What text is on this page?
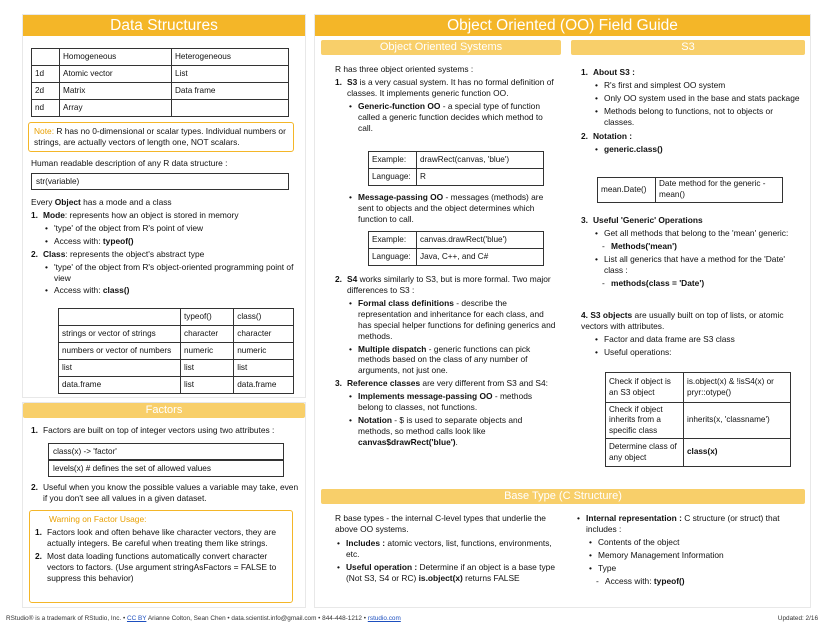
Data Structures
	Homogeneous	Heterogeneous
1d	Atomic vector	List
2d	Matrix	Data frame
nd	Array	
Note: R has no 0-dimensional or scalar types. Individual numbers or strings, are actually vectors of length one, NOT scalars.
Human readable description of any R data structure :
str(variable)
Every Object has a mode and a class
1. Mode: represents how an object is stored in memory
• 'type' of the object from R's point of view
• Access with: typeof()
2. Class: represents the object's abstract type
• 'type' of the object from R's object-oriented programming point of view
• Access with: class()
	typeof()	class()
strings or vector of strings	character	character
numbers or vector of numbers	numeric	numeric
list	list	list
data.frame	list	data.frame
Factors
1. Factors are built on top of integer vectors using two attributes :
class(x) -> 'factor'
levels(x) # defines the set of allowed values
2. Useful when you know the possible values a variable may take, even if you don't see all values in a given dataset.
Warning on Factor Usage:
1. Factors look and often behave like character vectors, they are actually integers. Be careful when treating them like strings.
2. Most data loading functions automatically convert character vectors to factors. (Use argument stringAsFactors = FALSE to suppress this behavior)
Object Oriented (OO) Field Guide
Object Oriented Systems
R has three object oriented systems :
1. S3 is a very casual system. It has no formal definition of classes. It implements generic function OO.
• Generic-function OO - a special type of function called a generic function decides which method to call.
Example:	drawRect(canvas, 'blue')
Language:	R
• Message-passing OO - messages (methods) are sent to objects and the object determines which function to call.
Example:	canvas.drawRect('blue')
Language:	Java, C++, and C#
2. S4 works similarly to S3, but is more formal. Two major differences to S3 :
• Formal class definitions - describe the representation and inheritance for each class, and has special helper functions for defining generics and methods.
• Multiple dispatch - generic functions can pick methods based on the class of any number of arguments, not just one.
3. Reference classes are very different from S3 and S4:
• Implements message-passing OO - methods belong to classes, not functions.
• Notation - $ is used to separate objects and methods, so method calls look like canvas$drawRect('blue').
S3
1. About S3 :
• R's first and simplest OO system
• Only OO system used in the base and stats package
• Methods belong to functions, not to objects or classes.
2. Notation :
• generic.class()
mean.Date()	Date method for the generic - mean()
3. Useful 'Generic' Operations
• Get all methods that belong to the 'mean' generic:
- Methods('mean')
• List all generics that have a method for the 'Date' class :
- methods(class = 'Date')
4. S3 objects are usually built on top of lists, or atomic vectors with attributes.
• Factor and data frame are S3 class
• Useful operations:
Check if object is an S3 object	is.object(x) & !isS4(x) or pryr::otype()
Check if object inherits from a specific class	inherits(x, 'classname')
Determine class of any object	class(x)
Base Type (C Structure)
R base types - the internal C-level types that underlie the above OO systems.
• Includes : atomic vectors, list, functions, environments, etc.
• Useful operation : Determine if an object is a base type (Not S3, S4 or RC) is.object(x) returns FALSE
• Internal representation : C structure (or struct) that includes :
• Contents of the object
• Memory Management Information
• Type
- Access with: typeof()
RStudio® is a trademark of RStudio, Inc. • CC BY Arianne Colton, Sean Chen • data.scientist.info@gmail.com • 844-448-1212 • rstudio.com	Updated: 2/16
